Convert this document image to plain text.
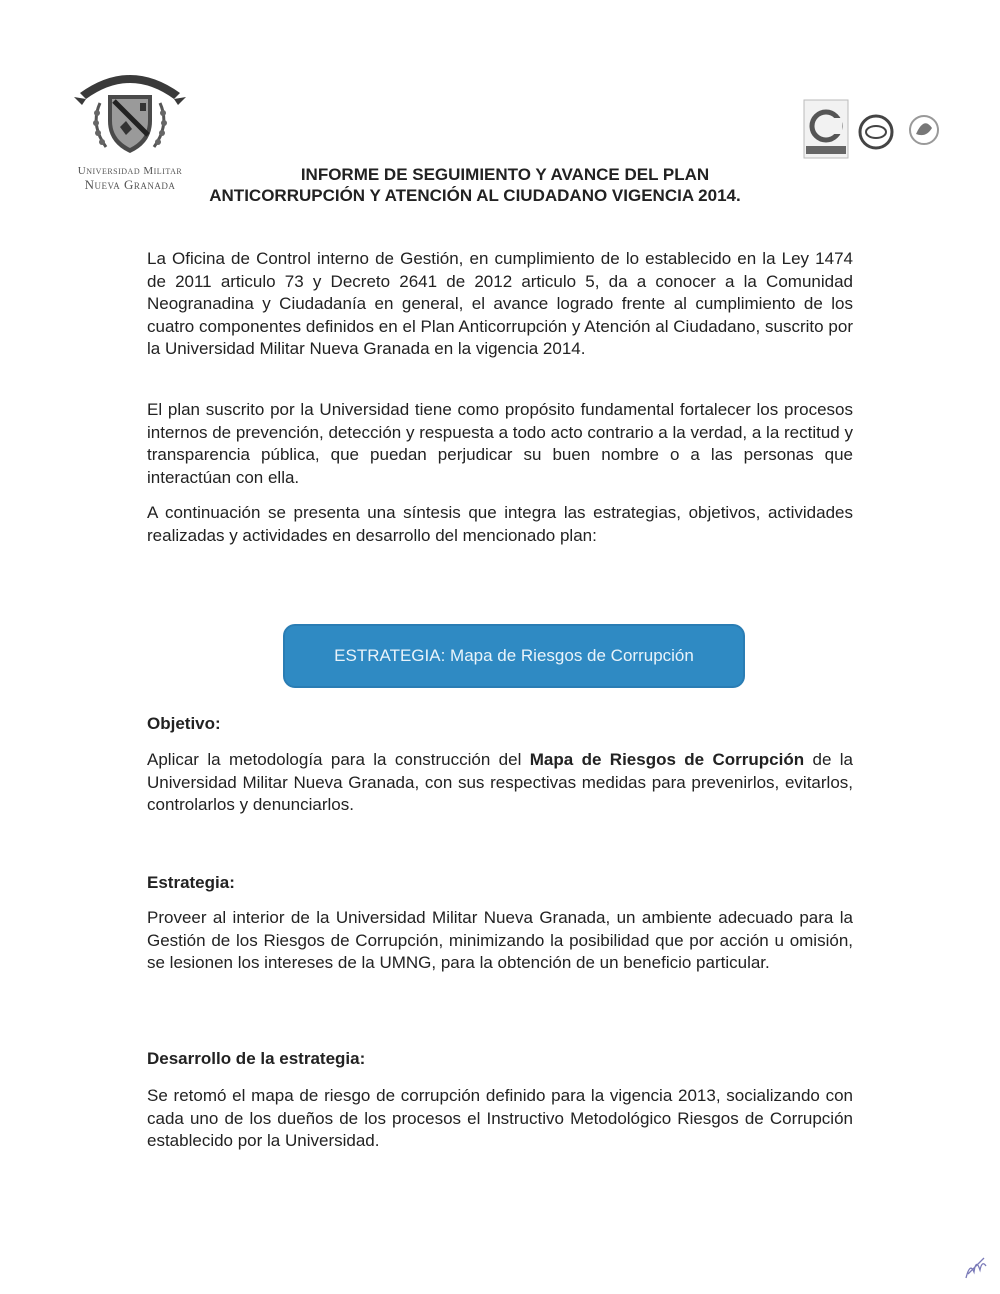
Universidad Militar
Nueva Granada
INFORME DE SEGUIMIENTO Y AVANCE DEL PLAN
ANTICORRUPCIÓN Y ATENCIÓN AL CIUDADANO VIGENCIA 2014.

La Oficina de Control interno de Gestión, en cumplimiento de lo establecido en la Ley 1474 de 2011 articulo 73 y Decreto 2641 de 2012 articulo 5, da a conocer a la Comunidad Neogranadina y Ciudadanía en general, el avance logrado frente al cumplimiento de los cuatro componentes definidos en el Plan Anticorrupción y Atención al Ciudadano, suscrito por la Universidad Militar Nueva Granada en la vigencia 2014.

El plan suscrito por la Universidad tiene como propósito fundamental fortalecer los procesos internos de prevención, detección y respuesta a todo acto contrario a la verdad, a la rectitud y transparencia pública, que puedan perjudicar su buen nombre o a las personas que interactúan con ella.

A continuación se presenta una síntesis que integra las estrategias, objetivos, actividades realizadas y actividades en desarrollo del mencionado plan:

ESTRATEGIA: Mapa de Riesgos de Corrupción

Objetivo:

Aplicar la metodología para la construcción del Mapa de Riesgos de Corrupción de la Universidad Militar Nueva Granada, con sus respectivas medidas para prevenirlos, evitarlos, controlarlos y denunciarlos.

Estrategia:

Proveer al interior de la Universidad Militar Nueva Granada, un ambiente adecuado para la Gestión de los Riesgos de Corrupción, minimizando la posibilidad que por acción u omisión, se lesionen los intereses de la UMNG, para la obtención de un beneficio particular.

Desarrollo de la estrategia:

Se retomó el mapa de riesgo de corrupción definido para la vigencia 2013, socializando con cada uno de los dueños de los procesos el Instructivo Metodológico Riesgos de Corrupción establecido por la Universidad.
